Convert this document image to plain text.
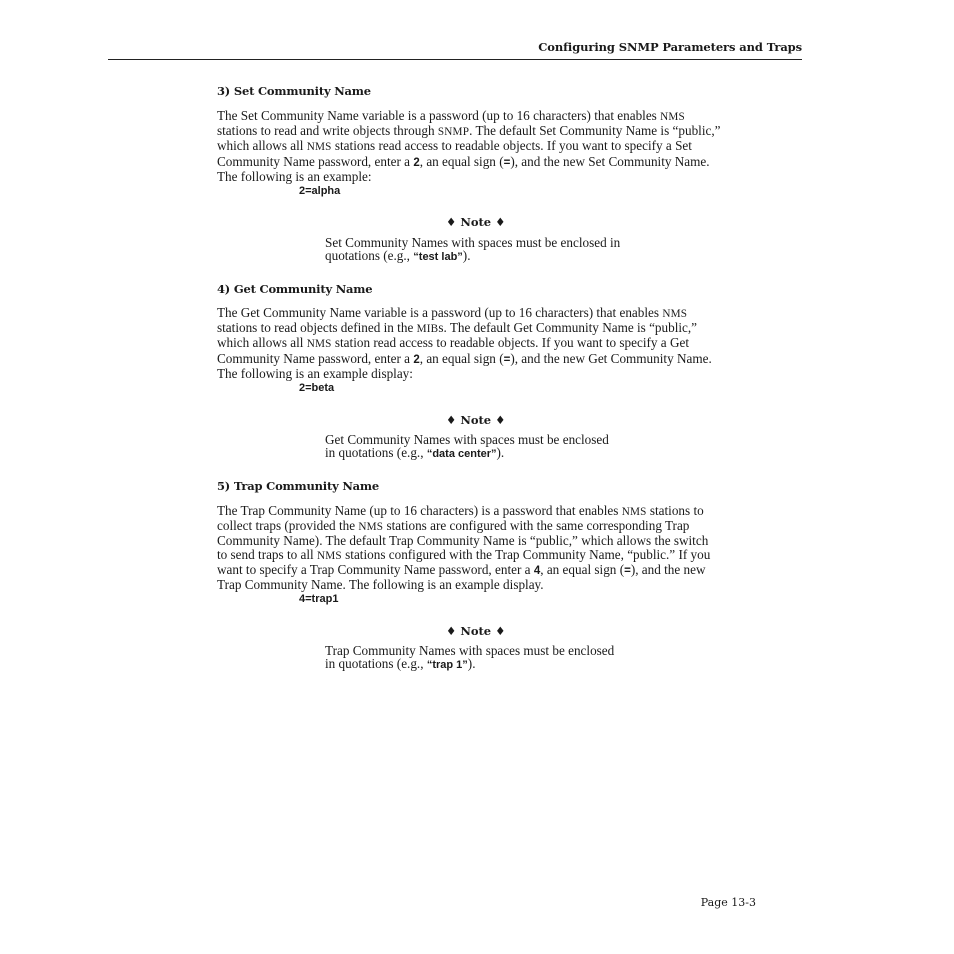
Configuring SNMP Parameters and Traps
3) Set Community Name

The Set Community Name variable is a password (up to 16 characters) that enables NMS
stations to read and write objects through SNMP. The default Set Community Name is “public,”
which allows all NMS stations read access to readable objects. If you want to specify a Set
Community Name password, enter a 2, an equal sign (=), and the new Set Community Name.
The following is an example:

2=alpha
♦ Note ♦
Set Community Names with spaces must be enclosed in
quotations (e.g., “test lab”).
4) Get Community Name

The Get Community Name variable is a password (up to 16 characters) that enables NMS
stations to read objects defined in the MIBs. The default Get Community Name is “public,”
which allows all NMS station read access to readable objects. If you want to specify a Get
Community Name password, enter a 2, an equal sign (=), and the new Get Community Name.
The following is an example display:

2=beta
♦ Note ♦
Get Community Names with spaces must be enclosed
in quotations (e.g., “data center”).
5) Trap Community Name

The Trap Community Name (up to 16 characters) is a password that enables NMS stations to
collect traps (provided the NMS stations are configured with the same corresponding Trap
Community Name). The default Trap Community Name is “public,” which allows the switch
to send traps to all NMS stations configured with the Trap Community Name, “public.” If you
want to specify a Trap Community Name password, enter a 4, an equal sign (=), and the new
Trap Community Name. The following is an example display.

4=trap1
♦ Note ♦
Trap Community Names with spaces must be enclosed
in quotations (e.g., “trap 1”).
Page 13-3
